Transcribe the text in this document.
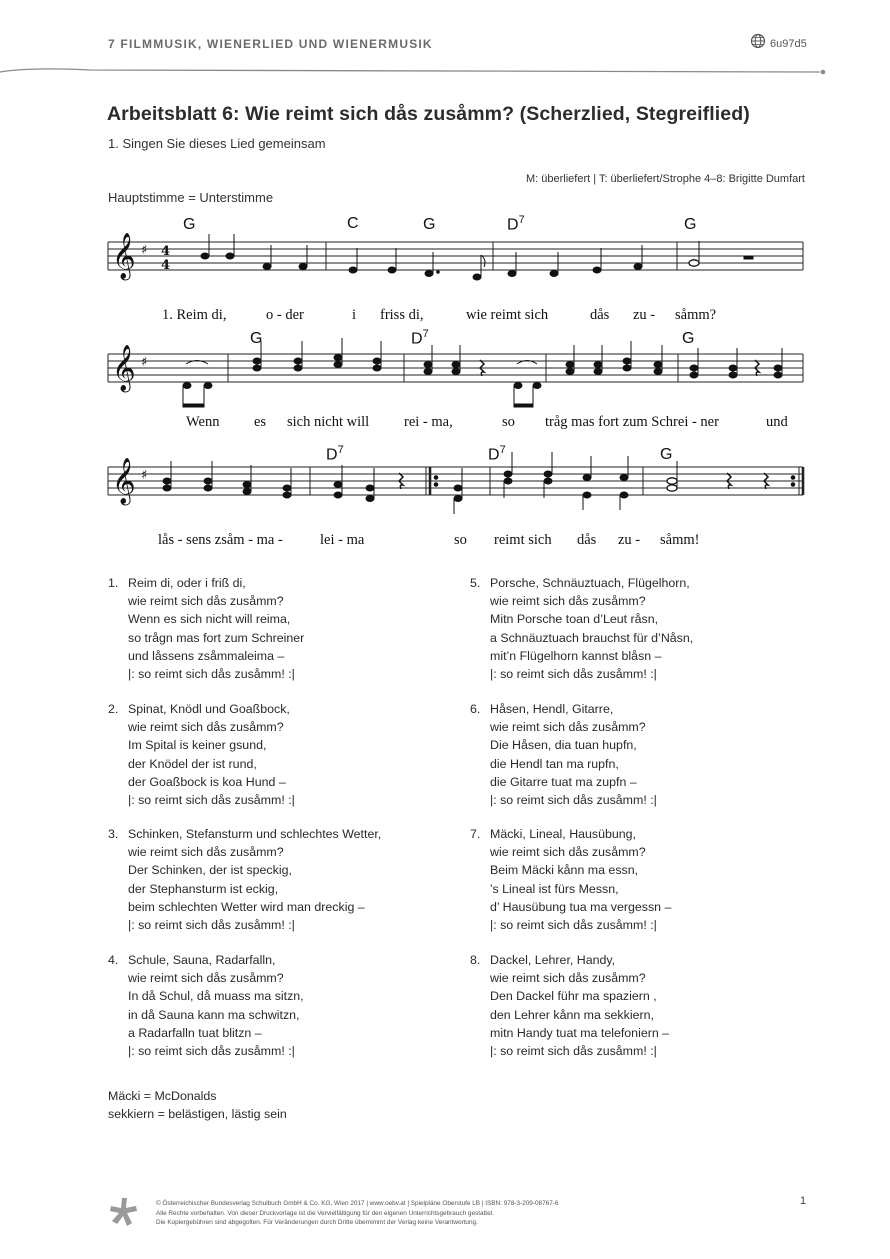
7 FILMMUSIK, WIENERLIED UND WIENERMUSIK	6u97d5
Arbeitsblatt 6: Wie reimt sich dås zusåmm? (Scherzlied, Stegreiflied)
1. Singen Sie dieses Lied gemeinsam
M: überliefert | T: überliefert/Strophe 4–8: Brigitte Dumfart
Hauptstimme = Unterstimme
G	C	G	$D^7$	G
𝄞 ♯ 4
4
1. Reim di,	o - der	i friss di,	wie reimt sich	dås zu - såmm?
G	$D^7$	G
𝄞 ♯
Wenn es sich nicht will rei - ma,	so tråg mas fort zum Schrei - ner	und
$D^7$	$D^7$	G
𝄞 ♯
lås - sens zsåm - ma -	lei - ma	so reimt sich dås zu - såmm!
1. Reim di, oder i friß di,
wie reimt sich dås zusåmm?
Wenn es sich nicht will reima,
so trågn mas fort zum Schreiner
und låssens zsåmmaleima –
|: so reimt sich dås zusåmm! :|
2. Spinat, Knödl und Goaßbock,
wie reimt sich dås zusåmm?
Im Spital is keiner gsund,
der Knödel der ist rund,
der Goaßbock is koa Hund –
|: so reimt sich dås zusåmm! :|
3. Schinken, Stefansturm und schlechtes Wetter,
wie reimt sich dås zusåmm?
Der Schinken, der ist speckig,
der Stephansturm ist eckig,
beim schlechten Wetter wird man dreckig –
|: so reimt sich dås zusåmm! :|
4. Schule, Sauna, Radarfalln,
wie reimt sich dås zusåmm?
In då Schul, då muass ma sitzn,
in då Sauna kann ma schwitzn,
a Radarfalln tuat blitzn –
|: so reimt sich dås zusåmm! :|
5. Porsche, Schnäuztuach, Flügelhorn,
wie reimt sich dås zusåmm?
Mitn Porsche toan d’Leut råsn,
a Schnäuztuach brauchst für d’Nåsn,
mit’n Flügelhorn kannst blåsn –
|: so reimt sich dås zusåmm! :|
6. Håsen, Hendl, Gitarre,
wie reimt sich dås zusåmm?
Die Håsen, dia tuan hupfn,
die Hendl tan ma rupfn,
die Gitarre tuat ma zupfn –
|: so reimt sich dås zusåmm! :|
7. Mäcki, Lineal, Hausübung,
wie reimt sich dås zusåmm?
Beim Mäcki kånn ma essn,
’s Lineal ist fürs Messn,
d’ Hausübung tua ma vergessn –
|: so reimt sich dås zusåmm! :|
8. Dackel, Lehrer, Handy,
wie reimt sich dås zusåmm?
Den Dackel führ ma spaziern ,
den Lehrer kånn ma sekkiern,
mitn Handy tuat ma telefoniern –
|: so reimt sich dås zusåmm! :|
Mäcki = McDonalds
sekkiern = belästigen, lästig sein
© Österreichischer Bundesverlag Schulbuch GmbH & Co. KG, Wien 2017 | www.oebv.at | Spielpläne Oberstufe LB | ISBN: 978-3-209-08767-6
Alle Rechte vorbehalten. Von dieser Druckvorlage ist die Vervielfältigung für den eigenen Unterrichtsgebrauch gestattet.
Die Kopiergebühren sind abgegolten. Für Veränderungen durch Dritte übernimmt der Verlag keine Verantwortung.
1
